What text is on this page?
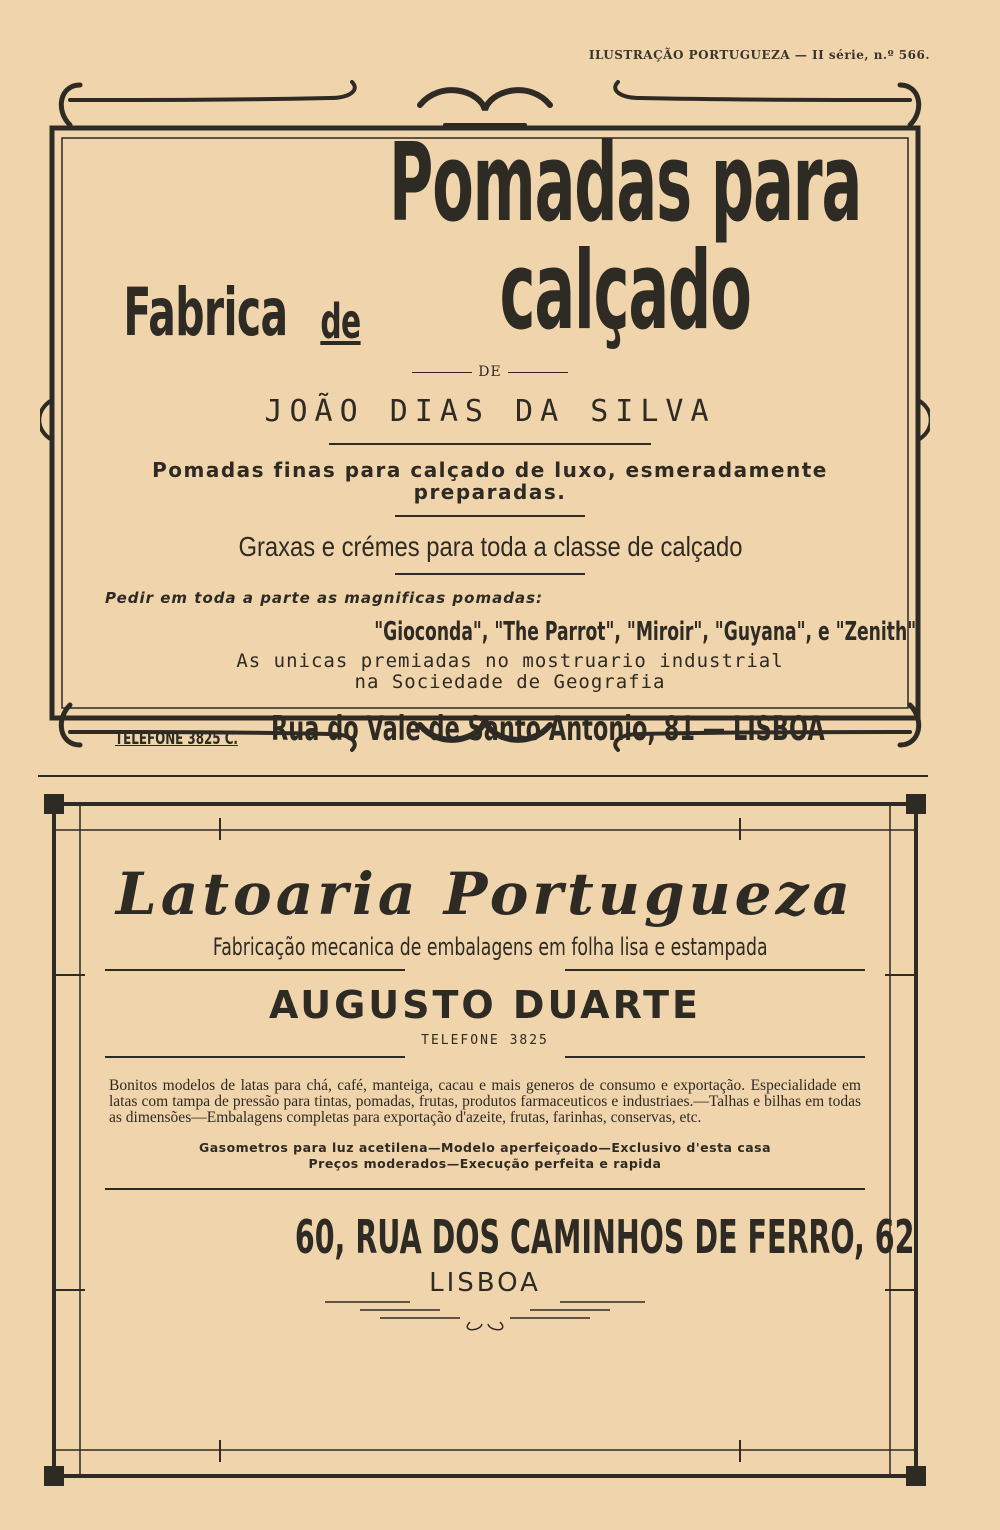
ILUSTRAÇÃO PORTUGUEZA — II série, n.º 566.
Fabrica de
Pomadas para calçado
DE
JOÃO DIAS DA SILVA
Pomadas finas para calçado de luxo, esmeradamente preparadas.
Graxas e crémes para toda a classe de calçado
Pedir em toda a parte as magnificas pomadas:
"Gioconda", "The Parrot", "Miroir", "Guyana", e "Zenith"
As unicas premiadas no mostruario industrial
na Sociedade de Geografia
TELEFONE 3825 C. Rua do Vale de Santo Antonio, 81 — LISBOA
Latoaria Portugueza
Fabricação mecanica de embalagens em folha lisa e estampada
AUGUSTO DUARTE
TELEFONE 3825
Bonitos modelos de latas para chá, café, manteiga, cacau e mais generos de consumo e exportação. Especialidade em latas com tampa de pressão para tintas, pomadas, frutas, produtos farmaceuticos e industriaes.—Talhas e bilhas em todas as dimensões—Embalagens completas para exportação d'azeite, frutas, farinhas, conservas, etc.
Gasometros para luz acetilena—Modelo aperfeiçoado—Exclusivo d'esta casa
Preços moderados—Execução perfeita e rapida
60, RUA DOS CAMINHOS DE FERRO, 62
LISBOA
